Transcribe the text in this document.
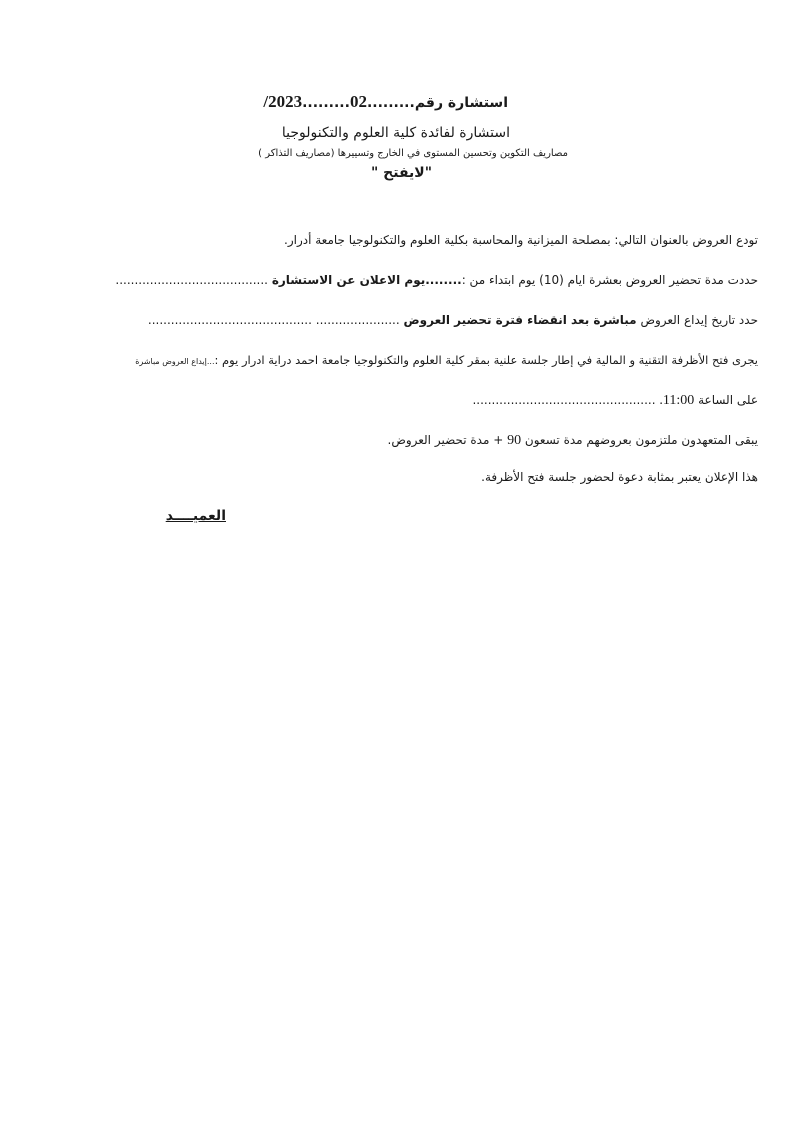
استشارة رقم.........02.........2023/
استشارة لفائدة كلية العلوم والتكنولوجيا
مصاريف التكوين وتحسين المستوى في الخارج وتسييرها (مصاريف التذاكر )
"لايفتح "
تودع العروض بالعنوان التالي: بمصلحة الميزانية والمحاسبة بكلية العلوم والتكنولوجيا جامعة أدرار.
حددت مدة تحضير العروض بعشرة ايام (10) يوم ابتداء من :........يوم الاعلان عن الاستشارة ........................................
حدد تاريخ إيداع العروض مباشرة بعد انقضاء فترة تحضير العروض ...................... ...........................................
يجرى فتح الأظرفة التقنية و المالية في إطار جلسة علنية بمقر كلية العلوم والتكنولوجيا جامعة احمد دراية ادرار يوم :...إيداع العروض مباشرة
على الساعة 11:00. ................................................
يبقى المتعهدون ملتزمون بعروضهم مدة تسعون 90 + مدة تحضير العروض.
هذا الإعلان يعتبر بمثابة دعوة لحضور جلسة فتح الأظرفة.
العميــــد
